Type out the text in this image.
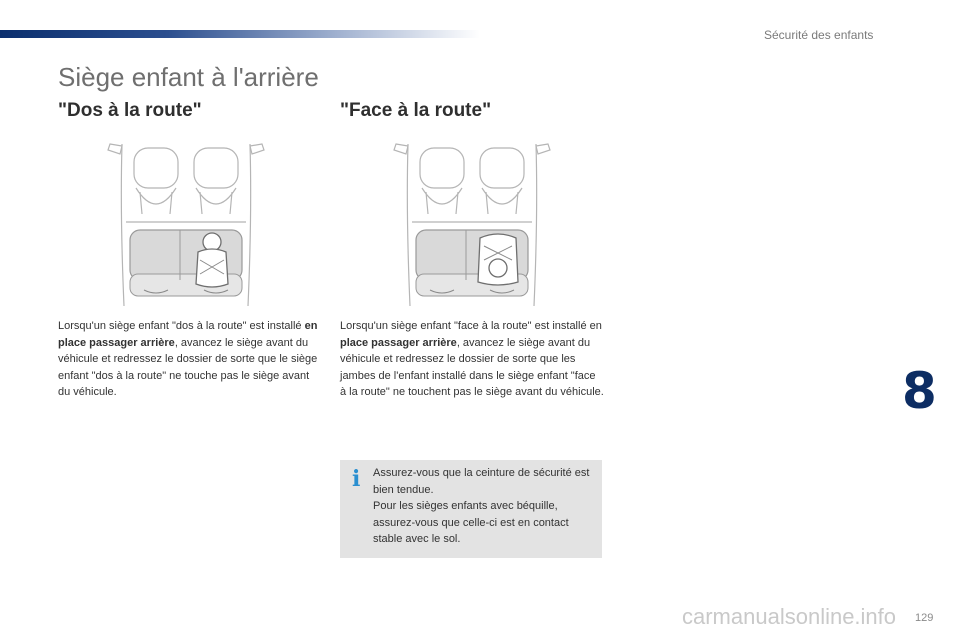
Sécurité des enfants
Siège enfant à l'arrière
"Dos à la route"
Lorsqu'un siège enfant "dos à la route" est installé en place passager arrière, avancez le siège avant du véhicule et redressez le dossier de sorte que le siège enfant "dos à la route" ne touche pas le siège avant du véhicule.
"Face à la route"
Lorsqu'un siège enfant "face à la route" est installé en place passager arrière, avancez le siège avant du véhicule et redressez le dossier de sorte que les jambes de l'enfant installé dans le siège enfant "face à la route" ne touchent pas le siège avant du véhicule.
i	Assurez-vous que la ceinture de sécurité est bien tendue.
Pour les sièges enfants avec béquille, assurez-vous que celle-ci est en contact stable avec le sol.
8
129
carmanualsonline.info
